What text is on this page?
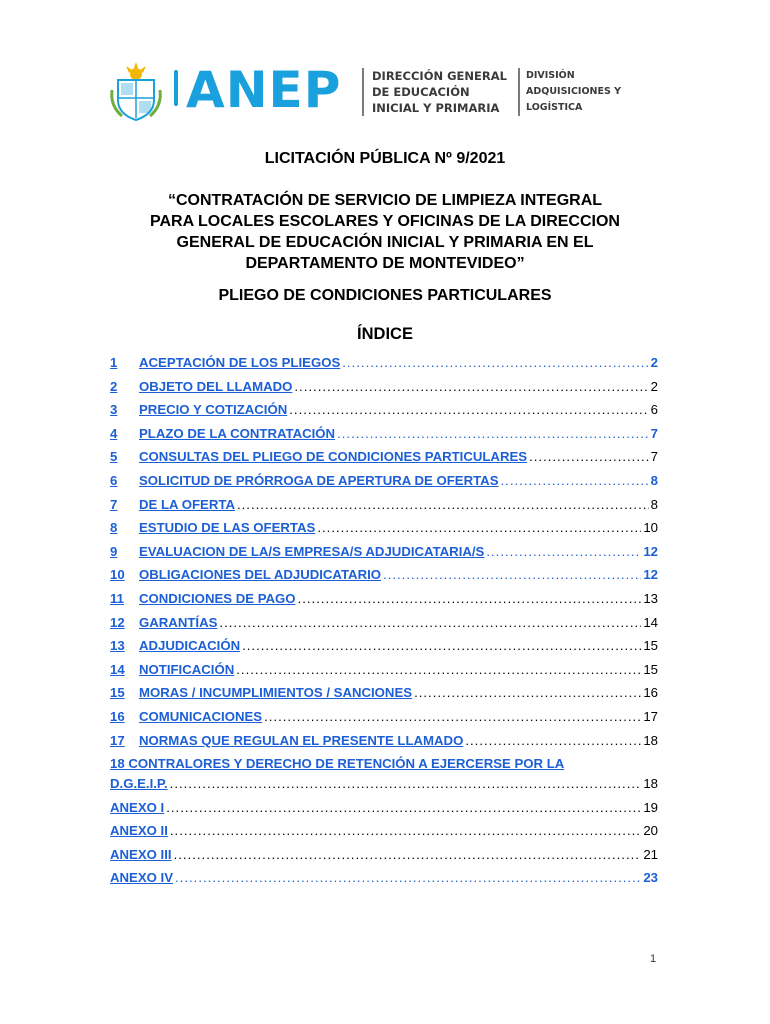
ANEP	DIRECCIÓN GENERAL
DE EDUCACIÓN
INICIAL Y PRIMARIA
DIVISIÓN
ADQUISICIONES Y
LOGÍSTICA
LICITACIÓN PÚBLICA Nº 9/2021
“CONTRATACIÓN DE SERVICIO DE LIMPIEZA INTEGRAL
PARA LOCALES ESCOLARES Y OFICINAS DE LA DIRECCION
GENERAL DE EDUCACIÓN INICIAL Y PRIMARIA EN EL
DEPARTAMENTO DE MONTEVIDEO”
PLIEGO DE CONDICIONES PARTICULARES
ÍNDICE
1	ACEPTACIÓN DE LOS PLIEGOS .....	2
2	OBJETO DEL LLAMADO .....	2
3	PRECIO Y COTIZACIÓN .....	6
4	PLAZO DE LA CONTRATACIÓN .....	7
5	CONSULTAS DEL PLIEGO DE CONDICIONES PARTICULARES .....	7
6	SOLICITUD DE PRÓRROGA DE APERTURA DE OFERTAS .....	8
7	DE LA OFERTA .....	8
8	ESTUDIO DE LAS OFERTAS .....	10
9	EVALUACION DE LA/S EMPRESA/S ADJUDICATARIA/S .....	12
10	OBLIGACIONES DEL ADJUDICATARIO .....	12
11	CONDICIONES DE PAGO .....	13
12	GARANTÍAS .....	14
13	ADJUDICACIÓN .....	15
14	NOTIFICACIÓN .....	15
15	MORAS / INCUMPLIMIENTOS / SANCIONES .....	16
16	COMUNICACIONES .....	17
17	NORMAS QUE REGULAN EL PRESENTE LLAMADO .....	18
18 CONTRALORES Y DERECHO DE RETENCIÓN A EJERCERSE POR LA
D.G.E.I.P. .....	18
ANEXO I .....	19
ANEXO II .....	20
ANEXO III .....	21
ANEXO IV .....	23
1
